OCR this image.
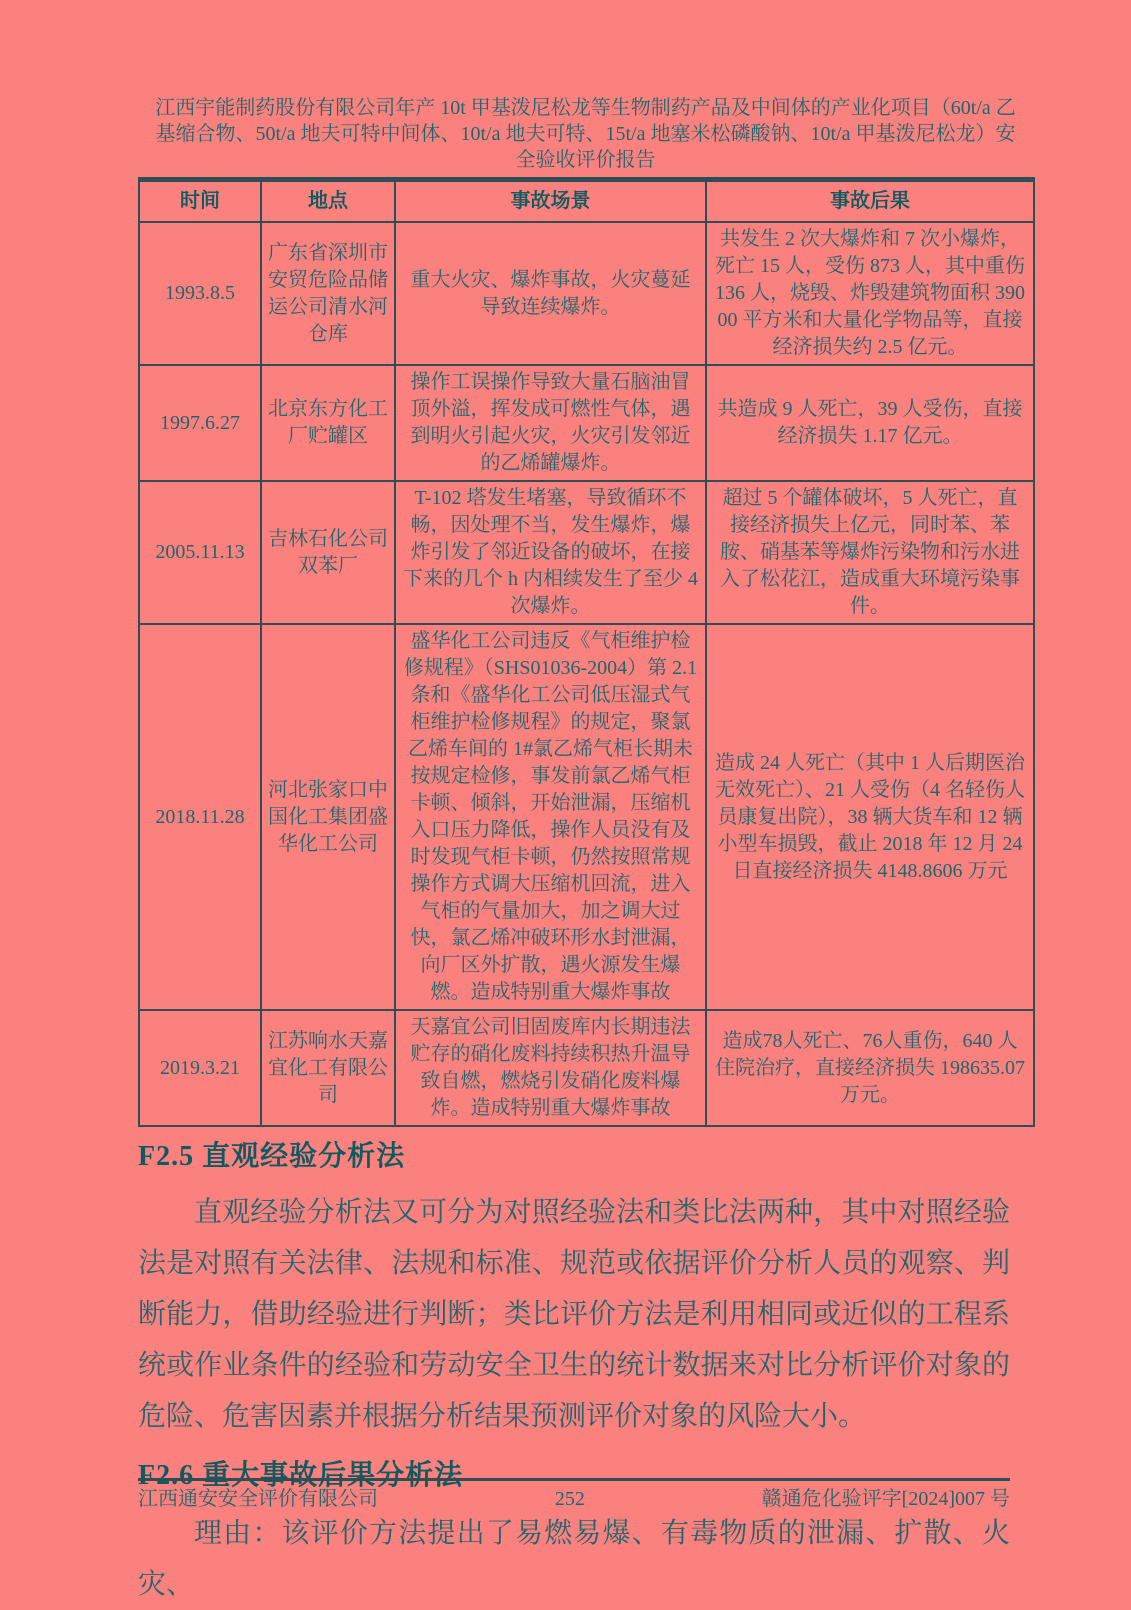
江西宇能制药股份有限公司年产 10t 甲基泼尼松龙等生物制药产品及中间体的产业化项目（60t/a 乙基缩合物、50t/a 地夫可特中间体、10t/a 地夫可特、15t/a 地塞米松磷酸钠、10t/a 甲基泼尼松龙）安全验收评价报告
时间	地点	事故场景	事故后果
1993.8.5	广东省深圳市安贸危险品储运公司清水河仓库	重大火灾、爆炸事故，火灾蔓延导致连续爆炸。	共发生 2 次大爆炸和 7 次小爆炸，死亡 15 人，受伤 873 人，其中重伤 136 人，烧毁、炸毁建筑物面积 39000 平方米和大量化学物品等，直接经济损失约 2.5 亿元。
1997.6.27	北京东方化工厂贮罐区	操作工误操作导致大量石脑油冒顶外溢，挥发成可燃性气体，遇到明火引起火灾，火灾引发邻近的乙烯罐爆炸。	共造成 9 人死亡，39 人受伤，直接经济损失 1.17 亿元。
2005.11.13	吉林石化公司双苯厂	T-102 塔发生堵塞，导致循环不畅，因处理不当，发生爆炸，爆炸引发了邻近设备的破坏，在接下来的几个 h 内相续发生了至少 4 次爆炸。	超过 5 个罐体破坏，5 人死亡，直接经济损失上亿元，同时苯、苯胺、硝基苯等爆炸污染物和污水进入了松花江，造成重大环境污染事件。
2018.11.28	河北张家口中国化工集团盛华化工公司	盛华化工公司违反《气柜维护检修规程》（SHS01036-2004）第 2.1 条和《盛华化工公司低压湿式气柜维护检修规程》的规定，聚氯乙烯车间的 1#氯乙烯气柜长期未按规定检修，事发前氯乙烯气柜卡顿、倾斜，开始泄漏，压缩机入口压力降低，操作人员没有及时发现气柜卡顿，仍然按照常规操作方式调大压缩机回流，进入气柜的气量加大，加之调大过快，氯乙烯冲破环形水封泄漏，向厂区外扩散，遇火源发生爆燃。造成特别重大爆炸事故	造成 24 人死亡（其中 1 人后期医治无效死亡）、21 人受伤（4 名轻伤人员康复出院），38 辆大货车和 12 辆小型车损毁，截止 2018 年 12 月 24 日直接经济损失 4148.8606 万元
2019.3.21	江苏响水天嘉宜化工有限公司	天嘉宜公司旧固废库内长期违法贮存的硝化废料持续积热升温导致自燃，燃烧引发硝化废料爆炸。造成特别重大爆炸事故	造成78人死亡、76人重伤，640 人住院治疗，直接经济损失 198635.07 万元。
F2.5 直观经验分析法

直观经验分析法又可分为对照经验法和类比法两种，其中对照经验法是对照有关法律、法规和标准、规范或依据评价分析人员的观察、判断能力，借助经验进行判断；类比评价方法是利用相同或近似的工程系统或作业条件的经验和劳动安全卫生的统计数据来对比分析评价对象的危险、危害因素并根据分析结果预测评价对象的风险大小。

F2.6 重大事故后果分析法

理由：该评价方法提出了易燃易爆、有毒物质的泄漏、扩散、火灾、

江西通安安全评价有限公司	252	赣通危化验评字[2024]007 号
